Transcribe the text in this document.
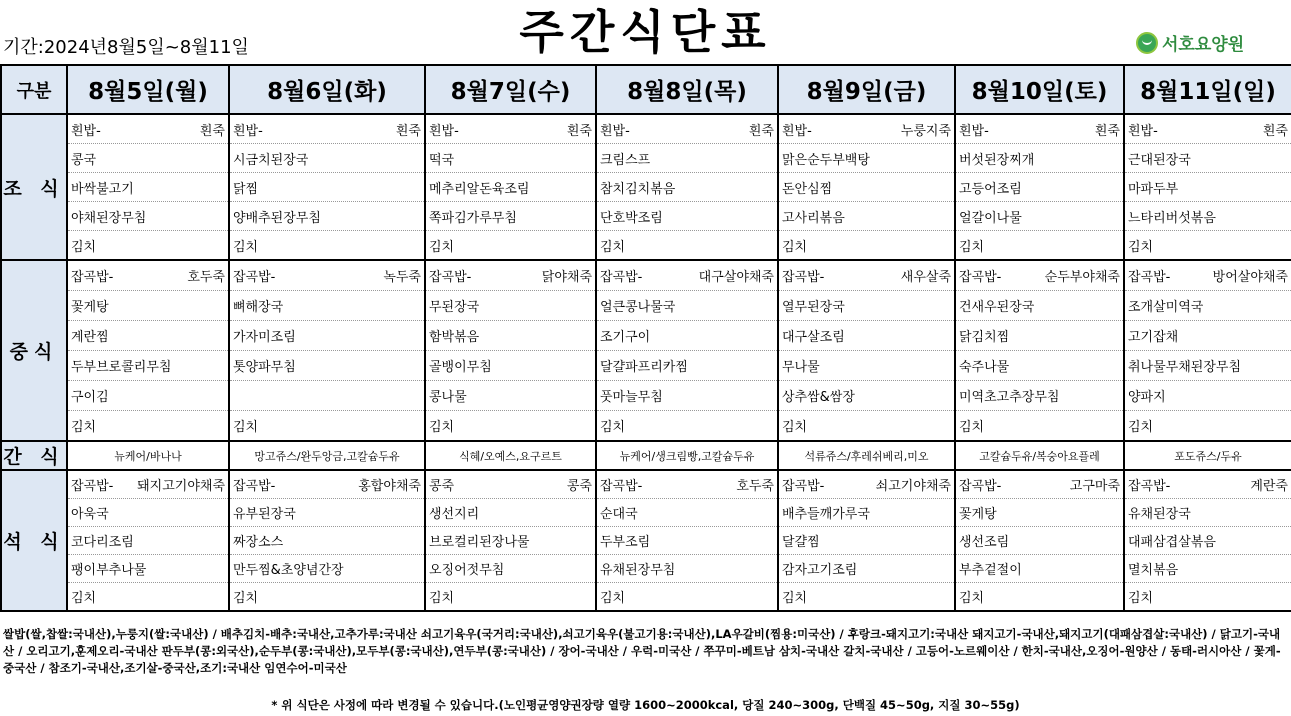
주간식단표
기간:2024년8월5일~8월11일	서호요양원
구분	8월5일(월)	8월6일(화)	8월7일(수)	8월8일(목)	8월9일(금)	8월10일(토)	8월11일(일)
조 식	흰밥- 흰죽	흰밥- 흰죽	흰밥- 흰죽	흰밥- 흰죽	흰밥- 누룽지죽	흰밥- 흰죽	흰밥- 흰죽

	콩국	시금치된장국	떡국	크림스프	맑은순두부백탕	버섯된장찌개	근대된장국

	바싹불고기	닭찜	메추리알돈육조림	참치김치볶음	돈안심찜	고등어조림	마파두부

	야채된장무침	양배추된장무침	쪽파김가루무침	단호박조림	고사리볶음	얼갈이나물	느타리버섯볶음

	김치	김치	김치	김치	김치	김치	김치

중식	잡곡밥- 호두죽	잡곡밥- 녹두죽	잡곡밥- 닭야채죽	잡곡밥- 대구살야채죽	잡곡밥- 새우살죽	잡곡밥- 순두부야채죽	잡곡밥- 방어살야채죽

	꽃게탕	뼈해장국	무된장국	얼큰콩나물국	열무된장국	건새우된장국	조개살미역국

	계란찜	가자미조림	함박볶음	조기구이	대구살조림	닭김치찜	고기잡채

	두부브로콜리무침	톳양파무침	골뱅이무침	달걀파프리카찜	무나물	숙주나물	취나물무채된장무침

	구이김		콩나물	풋마늘무침	상추쌈&쌈장	미역초고추장무침	양파지

	김치	김치	김치	김치	김치	김치	김치

간 식	뉴케어/바나나	망고쥬스/완두앙금,고칼슘두유	식혜/오예스,요구르트	뉴케어/생크림빵,고칼슘두유	석류쥬스/후레쉬베리,미오	고칼슘두유/복숭아요플레	포도쥬스/두유
석 식	잡곡밥- 돼지고기야채죽	잡곡밥- 홍합야채죽	콩죽 콩죽	잡곡밥- 호두죽	잡곡밥- 쇠고기야채죽	잡곡밥- 고구마죽	잡곡밥- 계란죽

	아욱국	유부된장국	생선지리	순대국	배추들깨가루국	꽃게탕	유채된장국

	코다리조림	짜장소스	브로컬리된장나물	두부조림	달걀찜	생선조림	대패삼겹살볶음

	팽이부추나물	만두찜&초양념간장	오징어젓무침	유채된장무침	감자고기조림	부추겉절이	멸치볶음

	김치	김치	김치	김치	김치	김치	김치
쌀밥(쌀,찹쌀:국내산),누룽지(쌀:국내산) / 배추김치-배추:국내산,고추가루:국내산 쇠고기육우(국거리:국내산),쇠고기육우(불고기용:국내산),LA우갈비(찜용:미국산) / 후랑크-돼지고기:국내산 돼지고기-국내산,돼지고기(대패삼겹살:국내산) / 닭고기-국내산 / 오리고기,훈제오리-국내산 판두부(콩:외국산),순두부(콩:국내산),모두부(콩:국내산),연두부(콩:국내산) / 장어-국내산 / 우럭-미국산 / 쭈꾸미-베트남 삼치-국내산 갈치-국내산 / 고등어-노르웨이산 / 한치-국내산,오징어-원양산 / 동태-러시아산 / 꽃게-중국산 / 참조기-국내산,조기살-중국산,조기:국내산 임연수어-미국산
* 위 식단은 사정에 따라 변경될 수 있습니다.(노인평균영양권장량 열량 1600~2000kcal, 당질 240~300g, 단백질 45~50g, 지질 30~55g)
